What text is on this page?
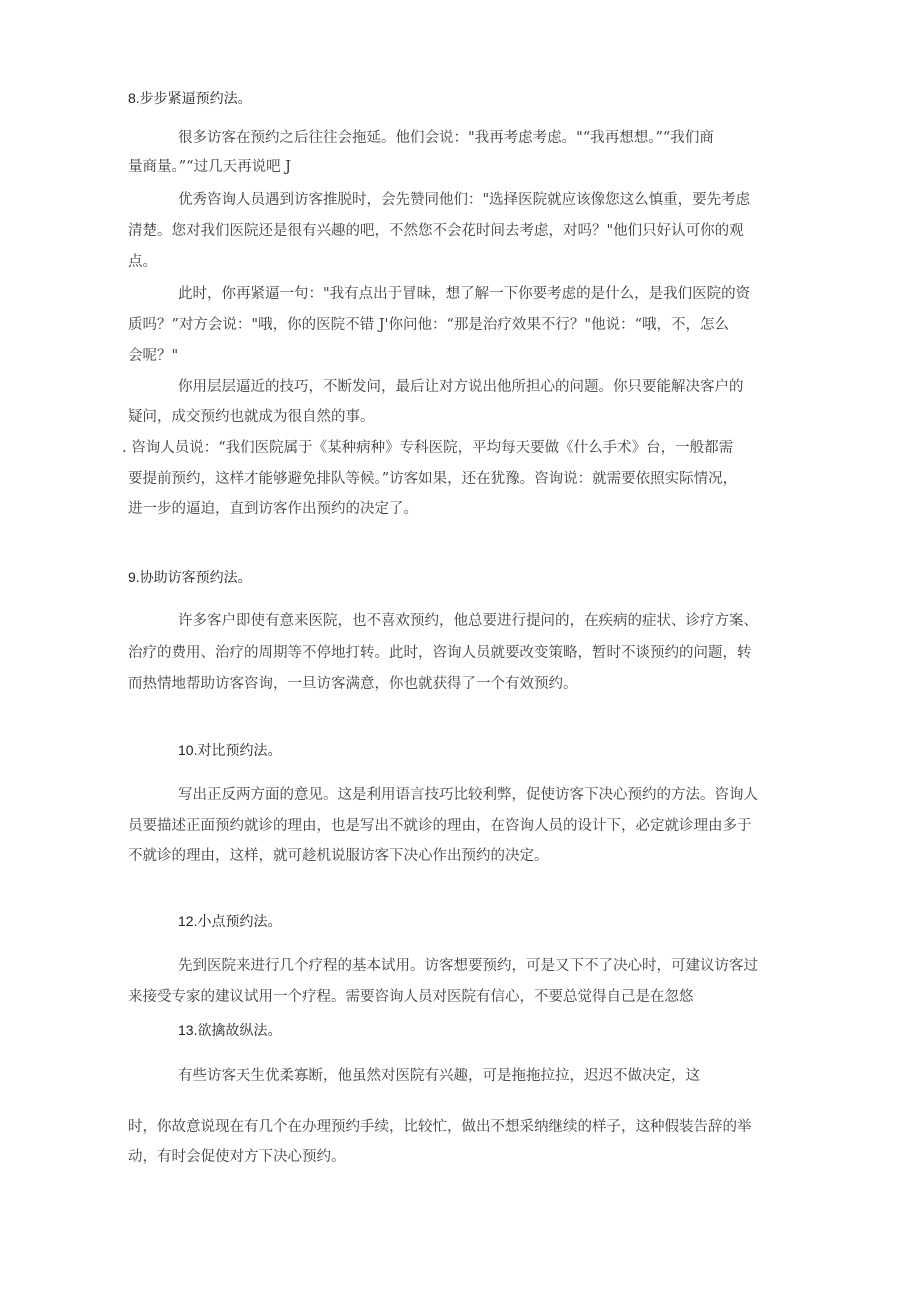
8.步步紧逼预约法。
很多访客在预约之后往往会拖延。他们会说："我再考虑考虑。"“我再想想。”“我们商
量商量。”“过几天再说吧 J
优秀咨询人员遇到访客推脱时，会先赞同他们："选择医院就应该像您这么慎重，要先考虑
清楚。您对我们医院还是很有兴趣的吧，不然您不会花时间去考虑，对吗？"他们只好认可你的观
点。
此时，你再紧逼一句："我有点出于冒昧，想了解一下你要考虑的是什么，是我们医院的资
质吗？”对方会说："哦，你的医院不错 J'你问他：“那是治疗效果不行？"他说：“哦，不，怎么
会呢？"
你用层层逼近的技巧，不断发问，最后让对方说出他所担心的问题。你只要能解决客户的
疑问，成交预约也就成为很自然的事。
. 咨询人员说：“我们医院属于《某种病种》专科医院，平均每天要做《什么手术》台，一般都需
要提前预约，这样才能够避免排队等候。”访客如果，还在犹豫。咨询说：就需要依照实际情况，
进一步的逼迫，直到访客作出预约的决定了。
9.协助访客预约法。
许多客户即使有意来医院，也不喜欢预约，他总要进行提问的，在疾病的症状、诊疗方案、
治疗的费用、治疗的周期等不停地打转。此时，咨询人员就要改变策略，暂时不谈预约的问题，转
而热情地帮助访客咨询，一旦访客满意，你也就获得了一个有效预约。
10.对比预约法。
写出正反两方面的意见。这是利用语言技巧比较利弊，促使访客下决心预约的方法。咨询人
员要描述正面预约就诊的理由，也是写出不就诊的理由，在咨询人员的设计下，必定就诊理由多于
不就诊的理由，这样，就可趁机说服访客下决心作出预约的决定。
12.小点预约法。
先到医院来进行几个疗程的基本试用。访客想要预约，可是又下不了决心时，可建议访客过
来接受专家的建议试用一个疗程。需要咨询人员对医院有信心，不要总觉得自己是在忽悠
13.欲擒故纵法。
有些访客天生优柔寡断，他虽然对医院有兴趣，可是拖拖拉拉，迟迟不做决定，这
时，你故意说现在有几个在办理预约手续，比较忙，做出不想采纳继续的样子，这种假装告辞的举
动，有时会促使对方下决心预约。
